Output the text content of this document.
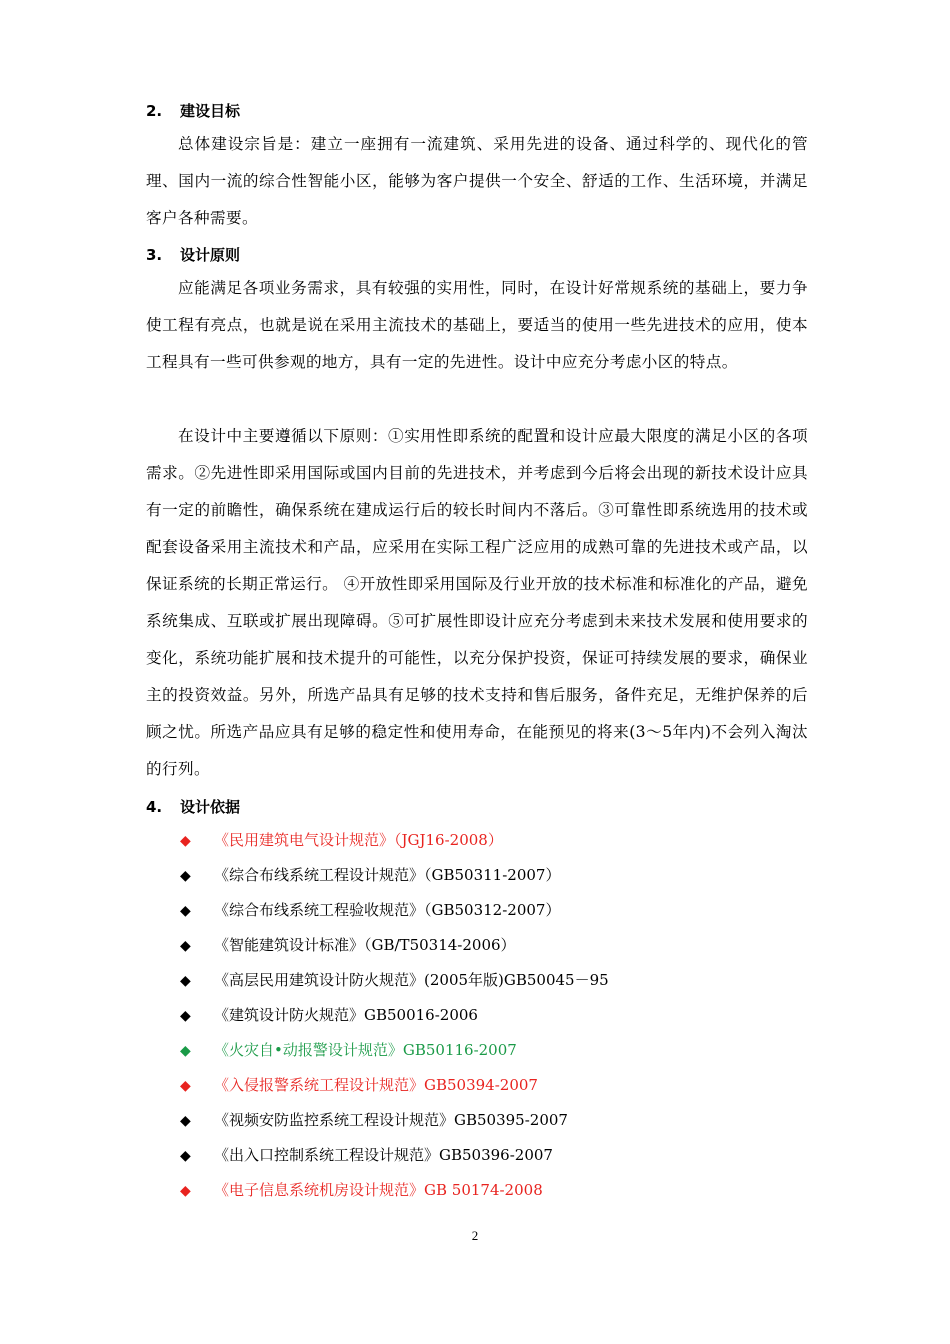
2. 建设目标
总体建设宗旨是：建立一座拥有一流建筑、采用先进的设备、通过科学的、现代化的管理、国内一流的综合性智能小区，能够为客户提供一个安全、舒适的工作、生活环境，并满足客户各种需要。
3. 设计原则
应能满足各项业务需求，具有较强的实用性，同时，在设计好常规系统的基础上，要力争使工程有亮点，也就是说在采用主流技术的基础上，要适当的使用一些先进技术的应用，使本工程具有一些可供参观的地方，具有一定的先进性。设计中应充分考虑小区的特点。
在设计中主要遵循以下原则：①实用性即系统的配置和设计应最大限度的满足小区的各项需求。②先进性即采用国际或国内目前的先进技术，并考虑到今后将会出现的新技术设计应具有一定的前瞻性，确保系统在建成运行后的较长时间内不落后。③可靠性即系统选用的技术或配套设备采用主流技术和产品，应采用在实际工程广泛应用的成熟可靠的先进技术或产品，以保证系统的长期正常运行。 ④开放性即采用国际及行业开放的技术标准和标准化的产品，避免系统集成、互联或扩展出现障碍。⑤可扩展性即设计应充分考虑到未来技术发展和使用要求的变化，系统功能扩展和技术提升的可能性，以充分保护投资，保证可持续发展的要求，确保业主的投资效益。另外，所选产品具有足够的技术支持和售后服务，备件充足，无维护保养的后顾之忧。所选产品应具有足够的稳定性和使用寿命，在能预见的将来(3～5年内)不会列入淘汰的行列。
4. 设计依据
◆ 《民用建筑电气设计规范》（JGJ16-2008）
◆ 《综合布线系统工程设计规范》（GB50311-2007）
◆ 《综合布线系统工程验收规范》（GB50312-2007）
◆ 《智能建筑设计标准》（GB/T50314-2006）
◆ 《高层民用建筑设计防火规范》(2005年版)GB50045－95
◆ 《建筑设计防火规范》GB50016-2006
◆ 《火灾自•动报警设计规范》GB50116-2007
◆ 《入侵报警系统工程设计规范》GB50394-2007
◆ 《视频安防监控系统工程设计规范》GB50395-2007
◆ 《出入口控制系统工程设计规范》GB50396-2007
◆ 《电子信息系统机房设计规范》GB 50174-2008
2
